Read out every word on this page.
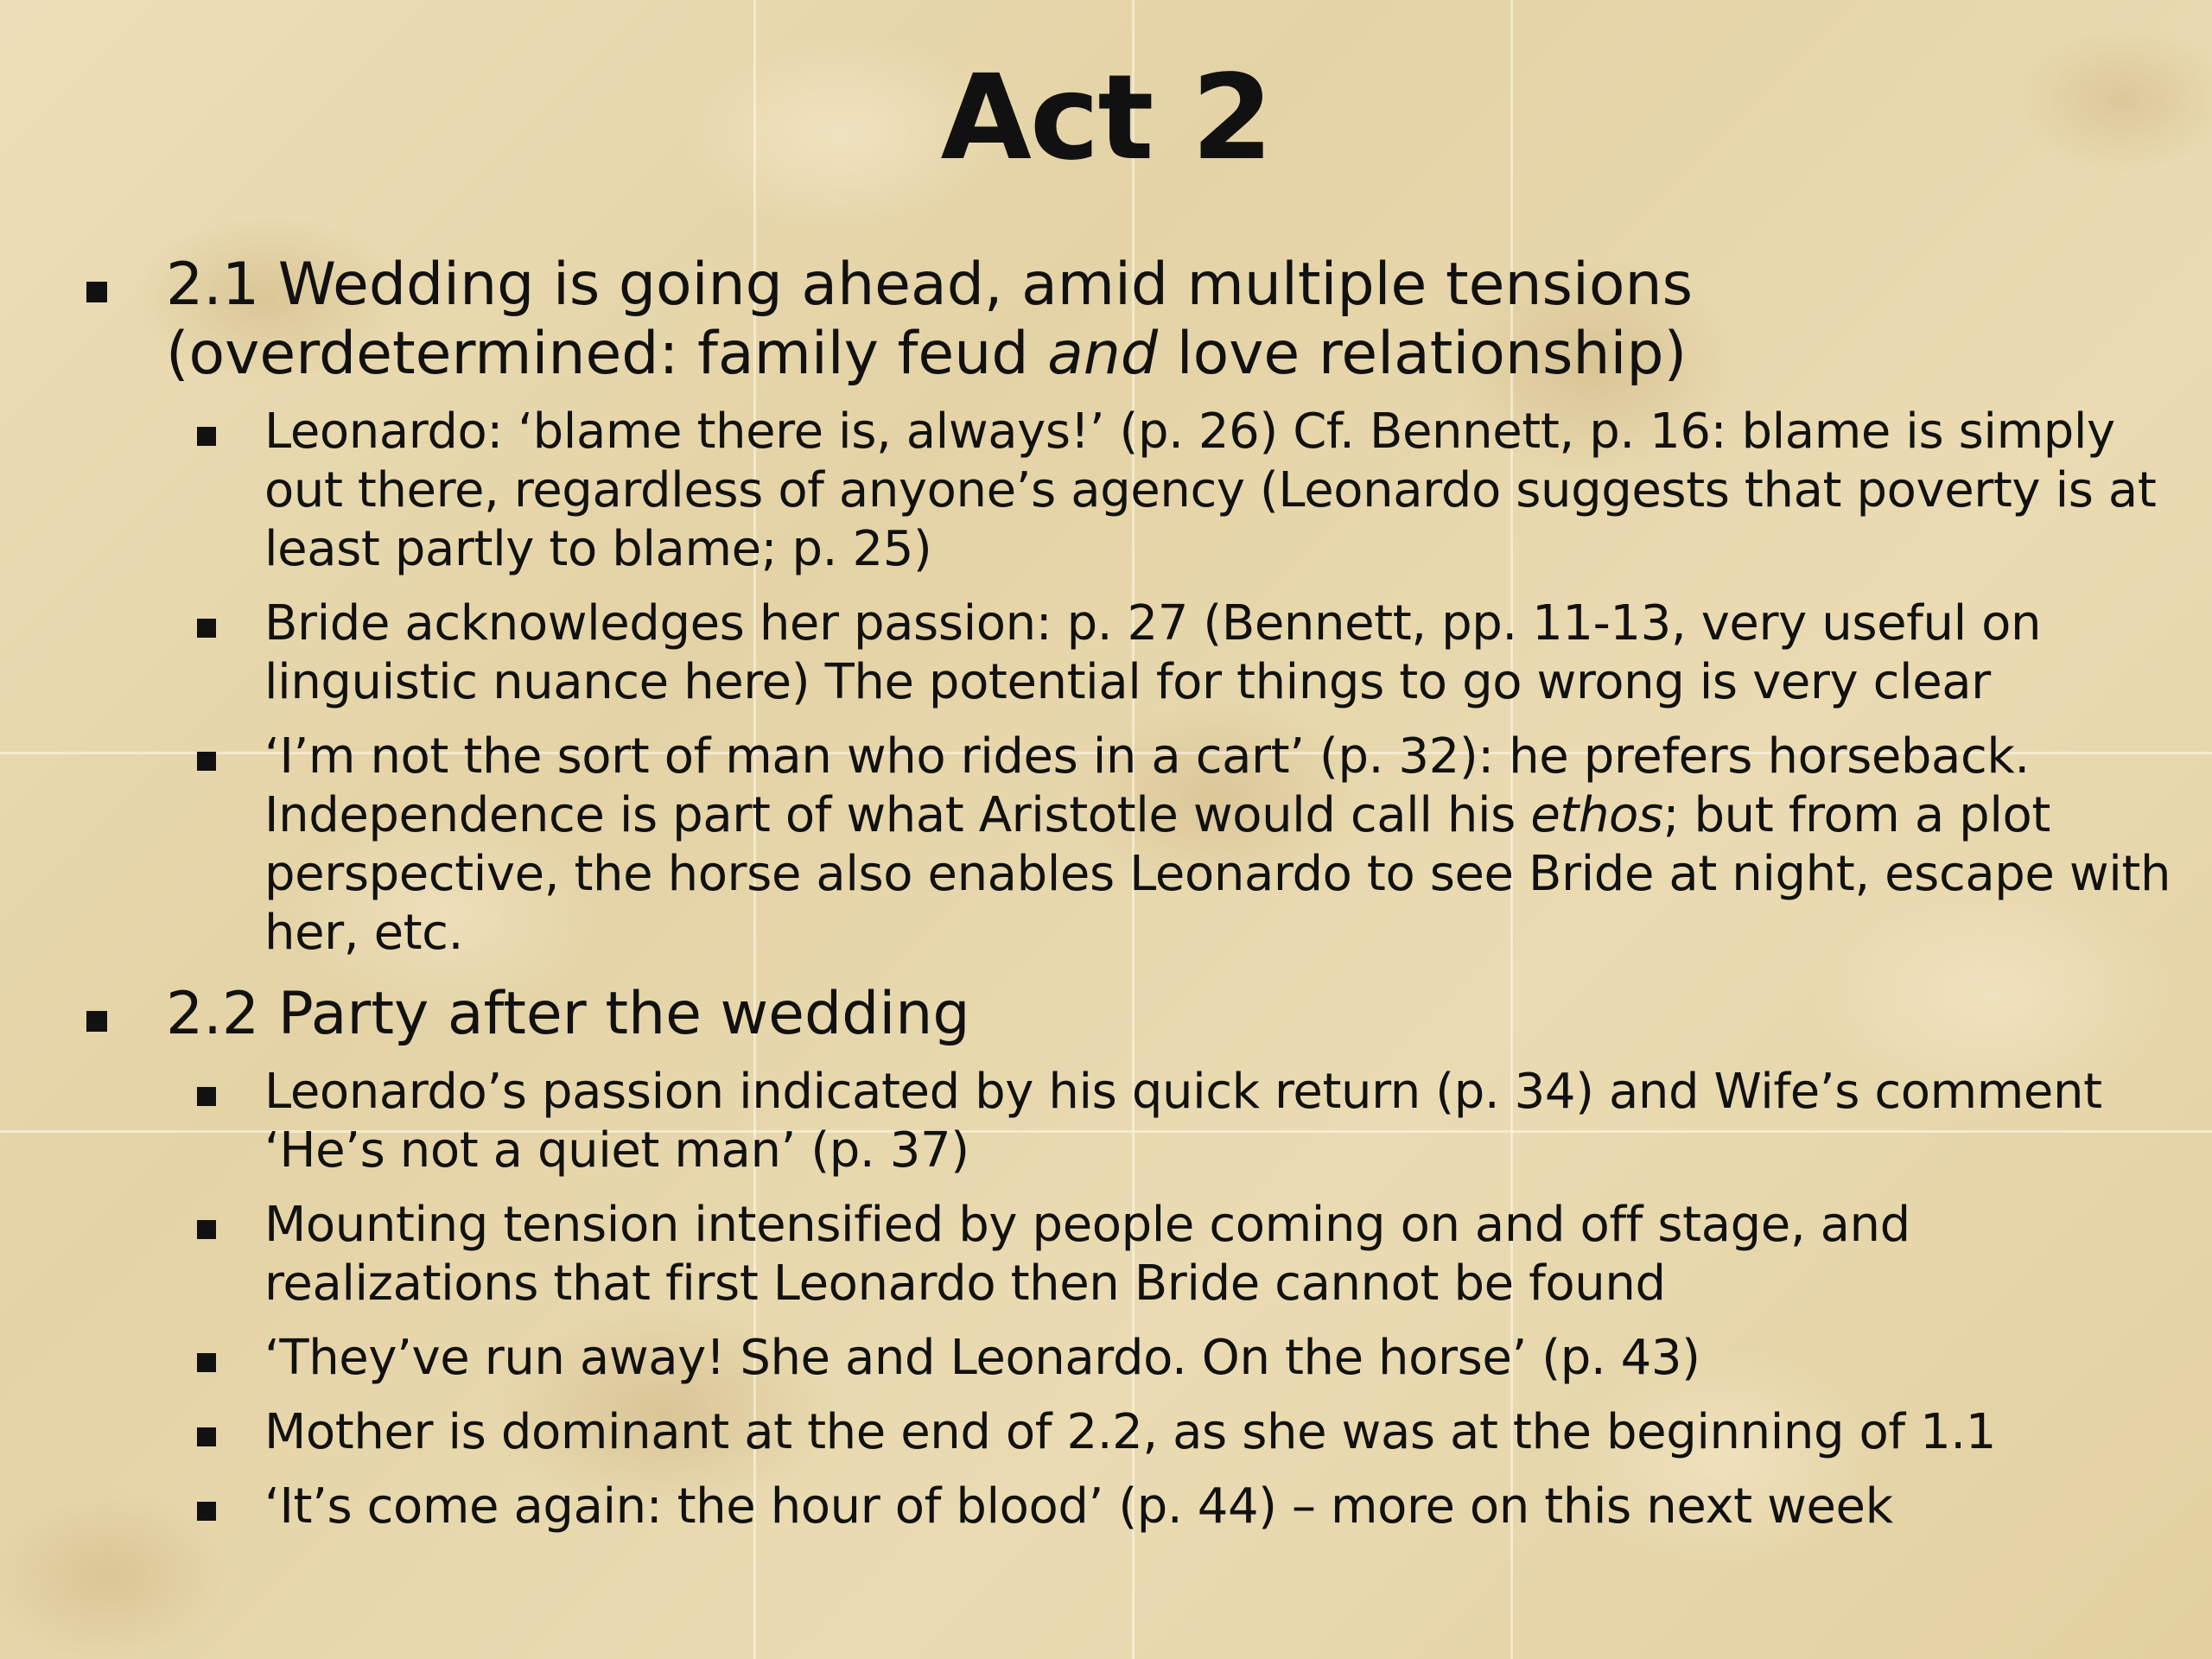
Act 2
2.1 Wedding is going ahead, amid multiple tensions (overdetermined: family feud and love relationship)
Leonardo: ‘blame there is, always!’ (p. 26) Cf. Bennett, p. 16: blame is simply out there, regardless of anyone’s agency (Leonardo suggests that poverty is at least partly to blame; p. 25)
Bride acknowledges her passion: p. 27 (Bennett, pp. 11-13, very useful on linguistic nuance here) The potential for things to go wrong is very clear
‘I’m not the sort of man who rides in a cart’ (p. 32): he prefers horseback. Independence is part of what Aristotle would call his ethos; but from a plot perspective, the horse also enables Leonardo to see Bride at night, escape with her, etc.
2.2 Party after the wedding
Leonardo’s passion indicated by his quick return (p. 34) and Wife’s comment ‘He’s not a quiet man’ (p. 37)
Mounting tension intensified by people coming on and off stage, and realizations that first Leonardo then Bride cannot be found
‘They’ve run away! She and Leonardo. On the horse’ (p. 43)
Mother is dominant at the end of 2.2, as she was at the beginning of 1.1
‘It’s come again: the hour of blood’ (p. 44) – more on this next week
